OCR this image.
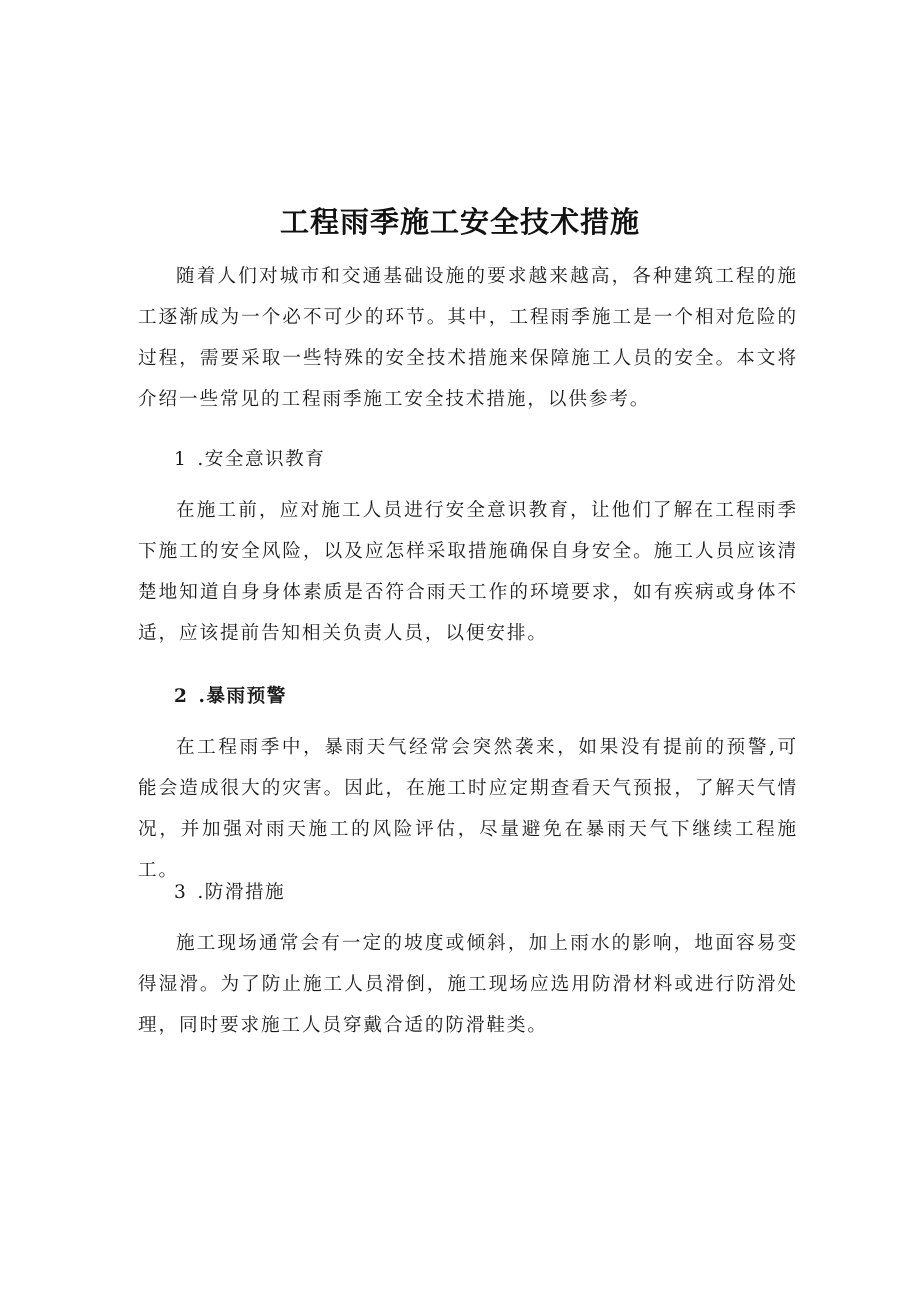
工程雨季施工安全技术措施

随着人们对城市和交通基础设施的要求越来越高，各种建筑工程的施工逐渐成为一个必不可少的环节。其中，工程雨季施工是一个相对危险的过程，需要采取一些特殊的安全技术措施来保障施工人员的安全。本文将介绍一些常见的工程雨季施工安全技术措施，以供参考。

1 .安全意识教育

在施工前，应对施工人员进行安全意识教育，让他们了解在工程雨季下施工的安全风险，以及应怎样采取措施确保自身安全。施工人员应该清楚地知道自身身体素质是否符合雨天工作的环境要求，如有疾病或身体不适，应该提前告知相关负责人员，以便安排。

2 .暴雨预警

在工程雨季中，暴雨天气经常会突然袭来，如果没有提前的预警,可能会造成很大的灾害。因此，在施工时应定期查看天气预报，了解天气情况，并加强对雨天施工的风险评估，尽量避免在暴雨天气下继续工程施工。

3 .防滑措施

施工现场通常会有一定的坡度或倾斜，加上雨水的影响，地面容易变得湿滑。为了防止施工人员滑倒，施工现场应选用防滑材料或进行防滑处理，同时要求施工人员穿戴合适的防滑鞋类。
